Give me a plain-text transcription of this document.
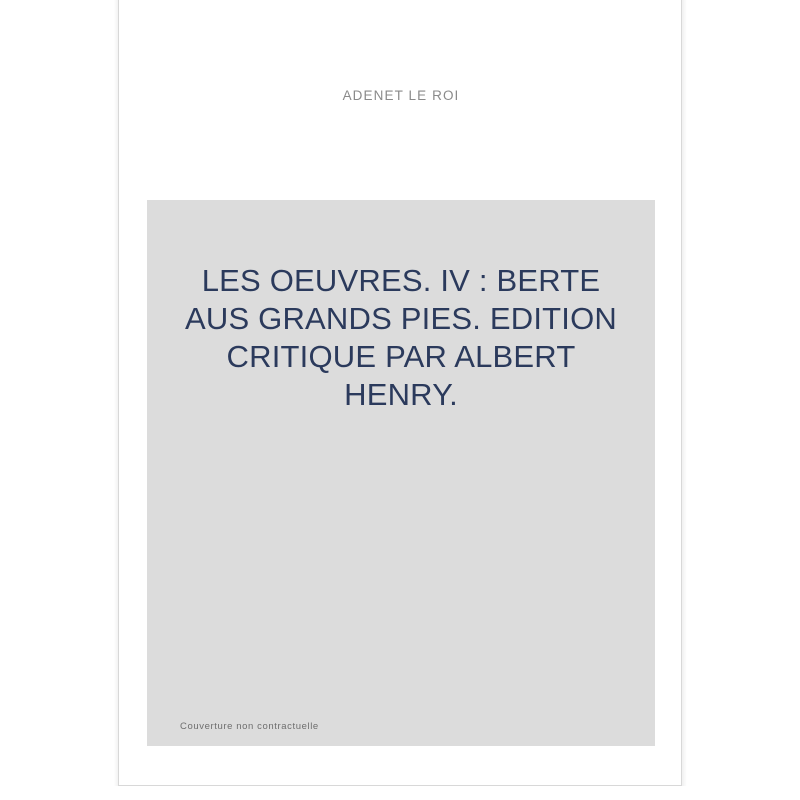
ADENET LE ROI
LES OEUVRES. IV : BERTE AUS GRANDS PIES. EDITION CRITIQUE PAR ALBERT HENRY.
Couverture non contractuelle
